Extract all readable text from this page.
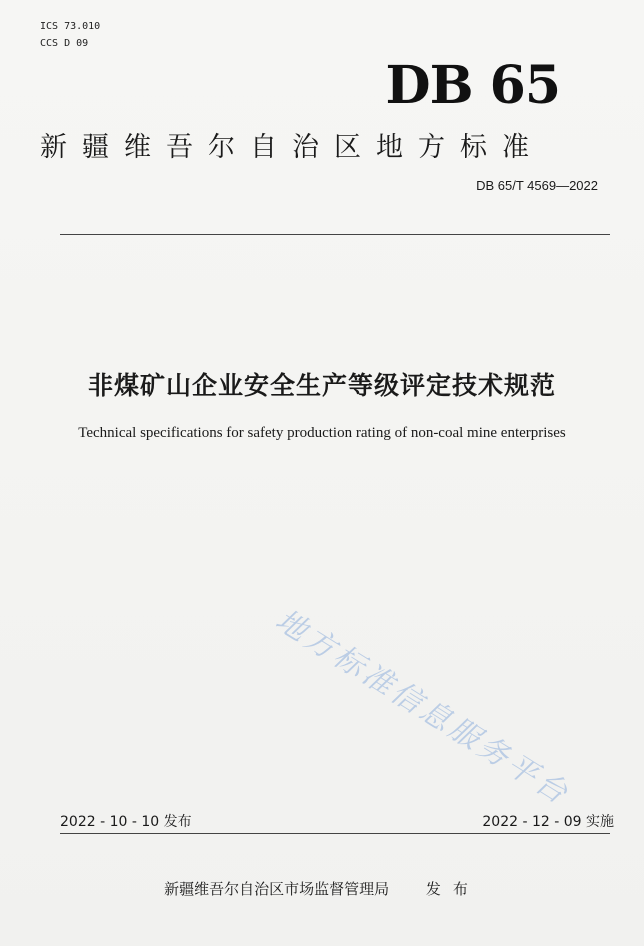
ICS 73.010
CCS D 09
DB 65
新疆维吾尔自治区地方标准
DB 65/T 4569—2022
非煤矿山企业安全生产等级评定技术规范
Technical specifications for safety production rating of non-coal mine enterprises
地方标准信息服务平台
2022 - 10 - 10 发布	2022 - 12 - 09 实施
新疆维吾尔自治区市场监督管理局 发布
